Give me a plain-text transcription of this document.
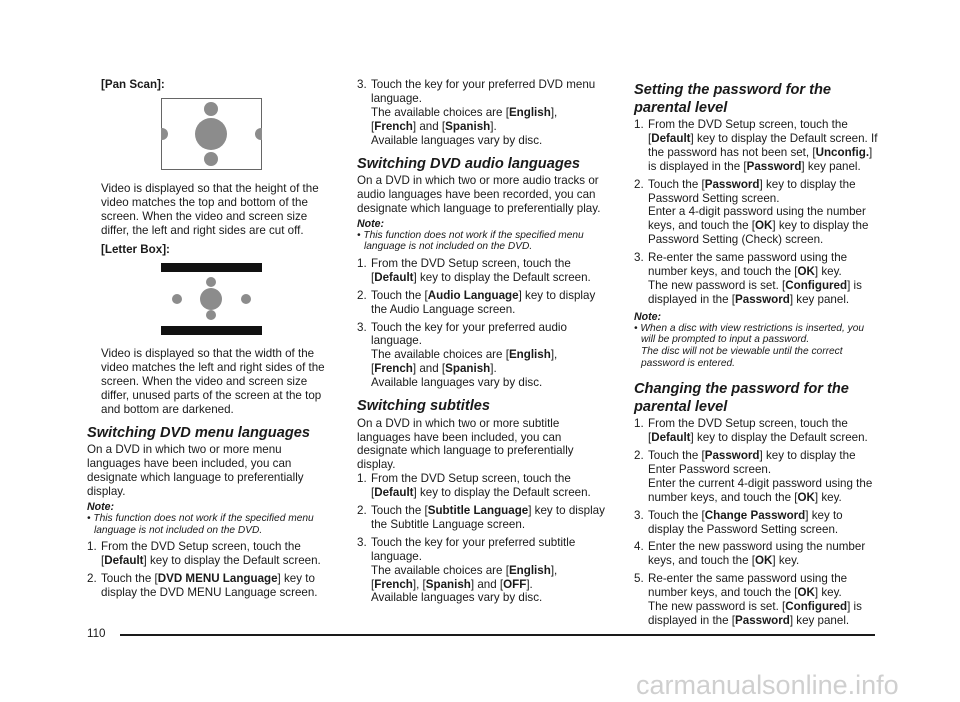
[Pan Scan]:

Video is displayed so that the height of the video matches the top and bottom of the screen. When the video and screen size differ, the left and right sides are cut off.

[Letter Box]:

Video is displayed so that the width of the video matches the left and right sides of the screen. When the video and screen size differ, unused parts of the screen at the top and bottom are darkened.

Switching DVD menu languages

On a DVD in which two or more menu languages have been included, you can designate which language to preferentially display.

Note:
• This function does not work if the specified menu language is not included on the DVD.
1. From the DVD Setup screen, touch the [Default] key to display the Default screen.
2. Touch the [DVD MENU Language] key to display the DVD MENU Language screen.
3. Touch the key for your preferred DVD menu language.
The available choices are [English],
[French] and [Spanish].
Available languages vary by disc.
Switching DVD audio languages

On a DVD in which two or more audio tracks or audio languages have been recorded, you can designate which language to preferentially play.

Note:
• This function does not work if the specified menu language is not included on the DVD.
1. From the DVD Setup screen, touch the [Default] key to display the Default screen.
2. Touch the [Audio Language] key to display the Audio Language screen.
3. Touch the key for your preferred audio language.
The available choices are [English],
[French] and [Spanish].
Available languages vary by disc.
Switching subtitles

On a DVD in which two or more subtitle languages have been included, you can designate which language to preferentially display.

1. From the DVD Setup screen, touch the [Default] key to display the Default screen.
2. Touch the [Subtitle Language] key to display the Subtitle Language screen.
3. Touch the key for your preferred subtitle language.
The available choices are [English],
[French], [Spanish] and [OFF].
Available languages vary by disc.
Setting the password for the
parental level
1. From the DVD Setup screen, touch the [Default] key to display the Default screen. If the password has not been set, [Unconfig.] is displayed in the [Password] key panel.
2. Touch the [Password] key to display the Password Setting screen.
Enter a 4-digit password using the number keys, and touch the [OK] key to display the Password Setting (Check) screen.
3. Re-enter the same password using the number keys, and touch the [OK] key.
The new password is set. [Configured] is
displayed in the [Password] key panel.
Note:
• When a disc with view restrictions is inserted, you will be prompted to input a password.
The disc will not be viewable until the correct password is entered.
Changing the password for the
parental level
1. From the DVD Setup screen, touch the [Default] key to display the Default screen.
2. Touch the [Password] key to display the Enter Password screen.
Enter the current 4-digit password using the number keys, and touch the [OK] key.
3. Touch the [Change Password] key to display the Password Setting screen.
4. Enter the new password using the number keys, and touch the [OK] key.
5. Re-enter the same password using the number keys, and touch the [OK] key.
The new password is set. [Configured] is
displayed in the [Password] key panel.
110
carmanualsonline.info
